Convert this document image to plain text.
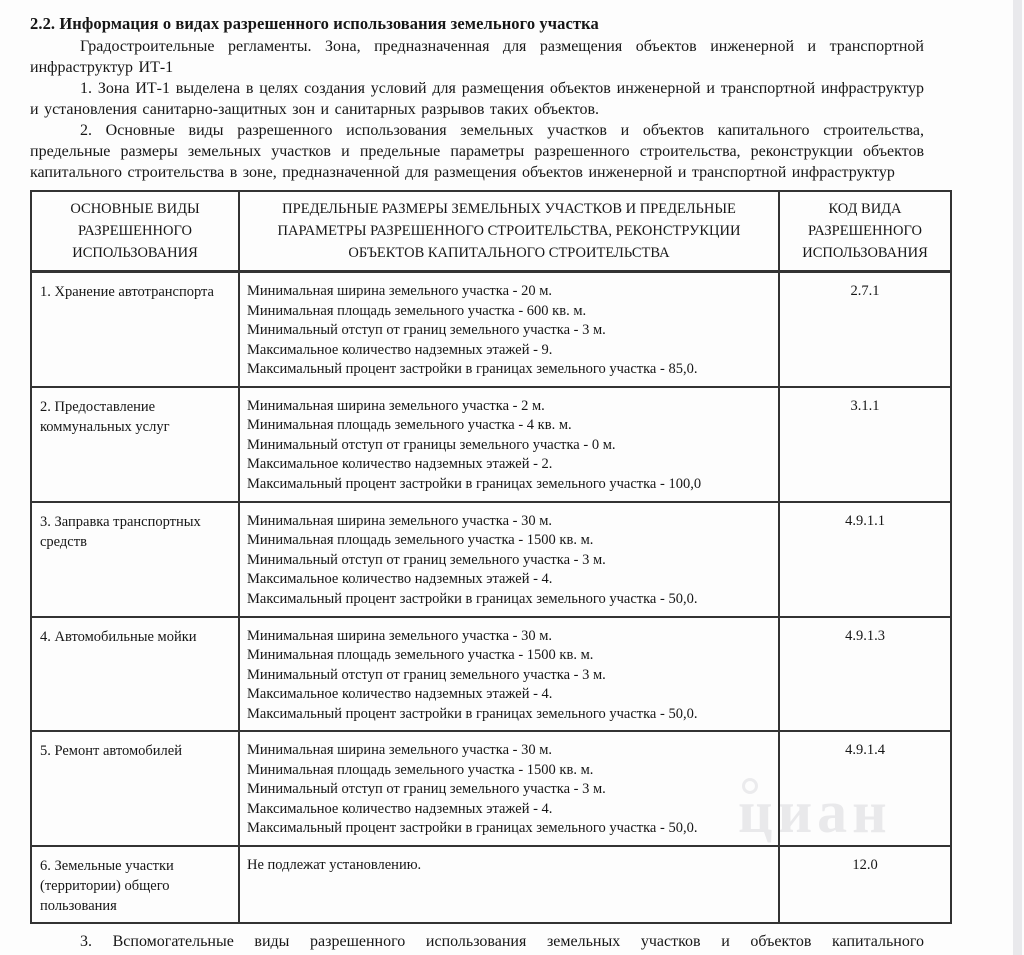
циан
2.2. Информация о видах разрешенного использования земельного участка

Градостроительные регламенты. Зона, предназначенная для размещения объектов инженерной и транспортной инфраструктур ИТ-1

1. Зона ИТ-1 выделена в целях создания условий для размещения объектов инженерной и транспортной инфраструктур и установления санитарно-защитных зон и санитарных разрывов таких объектов.

2. Основные виды разрешенного использования земельных участков и объектов капитального строительства, предельные размеры земельных участков и предельные параметры разрешенного строительства, реконструкции объектов капитального строительства в зоне, предназначенной для размещения объектов инженерной и транспортной инфраструктур

ОСНОВНЫЕ ВИДЫ РАЗРЕШЕННОГО ИСПОЛЬЗОВАНИЯ	ПРЕДЕЛЬНЫЕ РАЗМЕРЫ ЗЕМЕЛЬНЫХ УЧАСТКОВ И ПРЕДЕЛЬНЫЕ ПАРАМЕТРЫ РАЗРЕШЕННОГО СТРОИТЕЛЬСТВА, РЕКОНСТРУКЦИИ ОБЪЕКТОВ КАПИТАЛЬНОГО СТРОИТЕЛЬСТВА	КОД ВИДА РАЗРЕШЕННОГО ИСПОЛЬЗОВАНИЯ
1. Хранение автотранспорта	Минимальная ширина земельного участка - 20 м.
Минимальная площадь земельного участка - 600 кв. м.
Минимальный отступ от границ земельного участка - 3 м.
Максимальное количество надземных этажей - 9.
Максимальный процент застройки в границах земельного участка - 85,0.	2.7.1
2. Предоставление коммунальных услуг	Минимальная ширина земельного участка - 2 м.
Минимальная площадь земельного участка - 4 кв. м.
Минимальный отступ от границы земельного участка - 0 м.
Максимальное количество надземных этажей - 2.
Максимальный процент застройки в границах земельного участка - 100,0	3.1.1
3. Заправка транспортных средств	Минимальная ширина земельного участка - 30 м.
Минимальная площадь земельного участка - 1500 кв. м.
Минимальный отступ от границ земельного участка - 3 м.
Максимальное количество надземных этажей - 4.
Максимальный процент застройки в границах земельного участка - 50,0.	4.9.1.1
4. Автомобильные мойки	Минимальная ширина земельного участка - 30 м.
Минимальная площадь земельного участка - 1500 кв. м.
Минимальный отступ от границ земельного участка - 3 м.
Максимальное количество надземных этажей - 4.
Максимальный процент застройки в границах земельного участка - 50,0.	4.9.1.3
5. Ремонт автомобилей	Минимальная ширина земельного участка - 30 м.
Минимальная площадь земельного участка - 1500 кв. м.
Минимальный отступ от границ земельного участка - 3 м.
Максимальное количество надземных этажей - 4.
Максимальный процент застройки в границах земельного участка - 50,0.	4.9.1.4
6. Земельные участки (территории) общего пользования	Не подлежат установлению.	12.0

3. Вспомогательные виды разрешенного использования земельных участков и объектов капитального
